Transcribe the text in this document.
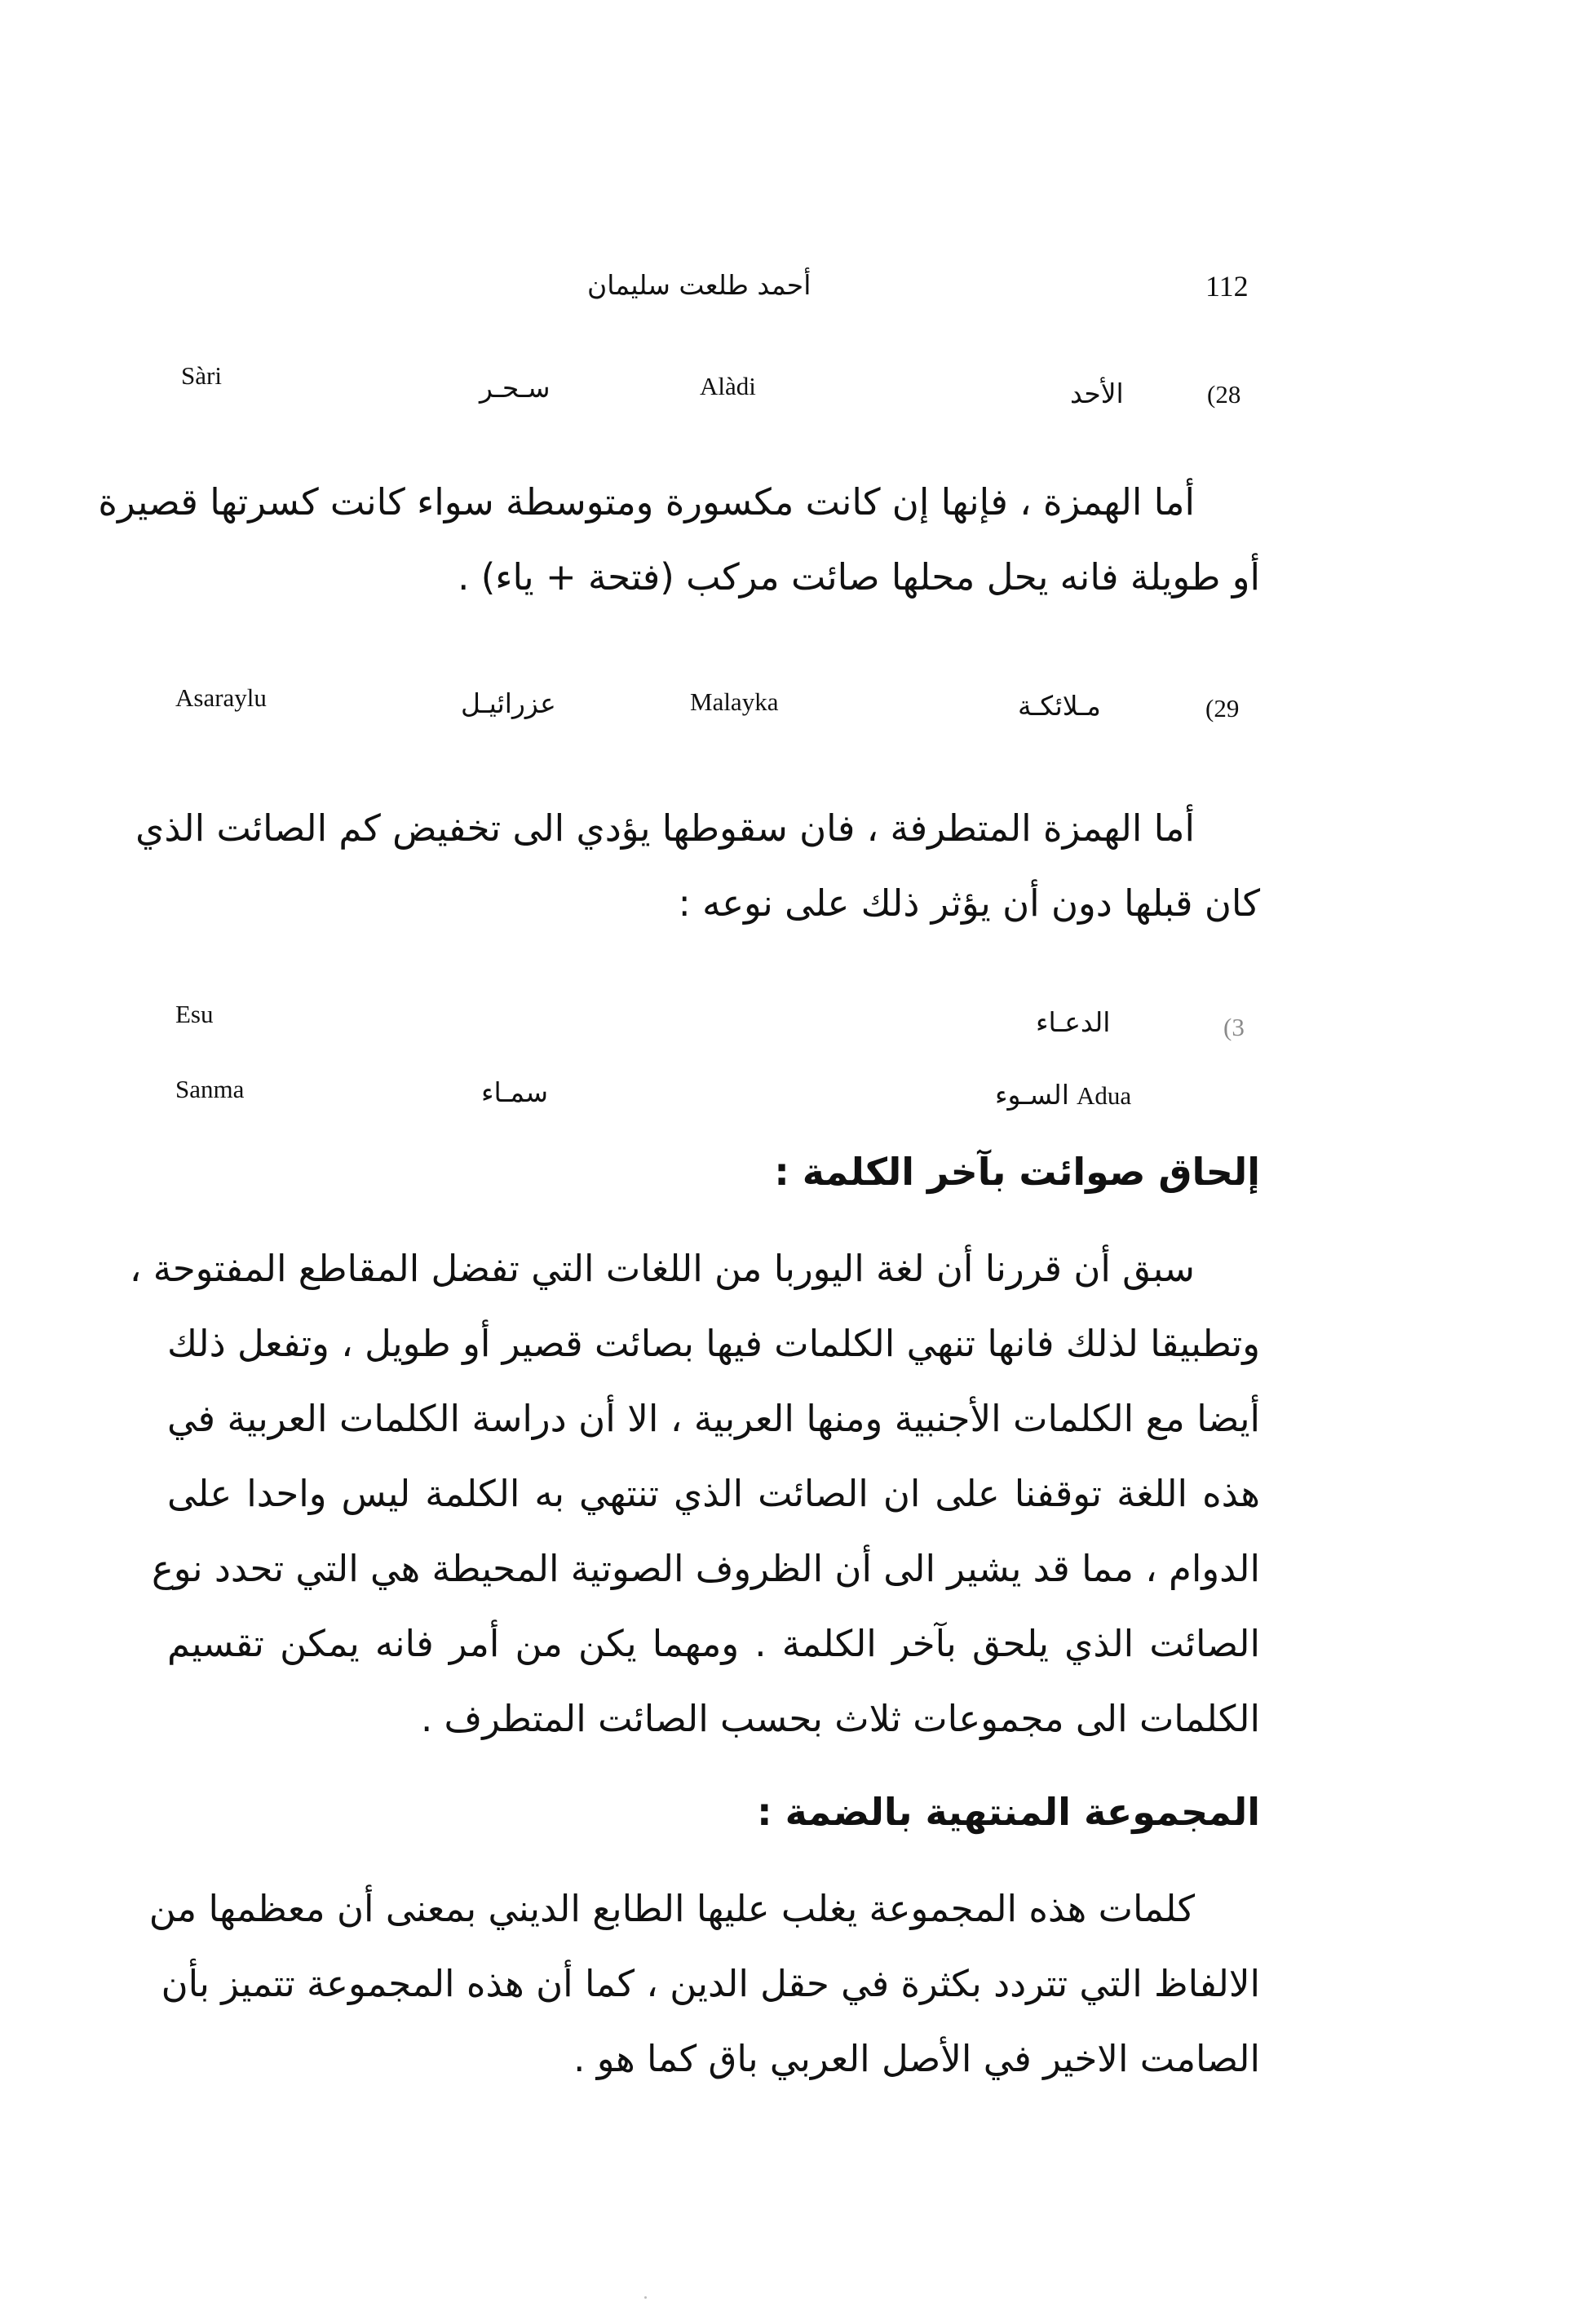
112
أحمد طلعت سليمان
(28
الأحد
Alàdi
سـحـر
Sàri
أما الهمزة ، فإنها إن كانت مكسورة ومتوسطة سواء كانت كسرتها قصيرة
أو طويلة فانه يحل محلها صائت مركب (فتحة + ياء) .
(29
مـلائكـة
Malayka
عزرائيـل
Asaraylu
أما الهمزة المتطرفة ، فان سقوطها يؤدي الى تخفيض كم الصائت الذي
كان قبلها دون أن يؤثر ذلك على نوعه :
(3
الدعـاء
Esu
السـوء Adua
سمـاء
Sanma
إلحاق صوائت بآخر الكلمة :
سبق أن قررنا أن لغة اليوربا من اللغات التي تفضل المقاطع المفتوحة ،
وتطبيقا لذلك فانها تنهي الكلمات فيها بصائت قصير أو طويل ، وتفعل ذلك
أيضا مع الكلمات الأجنبية ومنها العربية ، الا أن دراسة الكلمات العربية في
هذه اللغة توقفنا على ان الصائت الذي تنتهي به الكلمة ليس واحدا على
الدوام ، مما قد يشير الى أن الظروف الصوتية المحيطة هي التي تحدد نوع
الصائت الذي يلحق بآخر الكلمة . ومهما يكن من أمر فانه يمكن تقسيم
الكلمات الى مجموعات ثلاث بحسب الصائت المتطرف .
المجموعة المنتهية بالضمة :
كلمات هذه المجموعة يغلب عليها الطابع الديني بمعنى أن معظمها من
الالفاظ التي تتردد بكثرة في حقل الدين ، كما أن هذه المجموعة تتميز بأن
الصامت الاخير في الأصل العربي باق كما هو .
